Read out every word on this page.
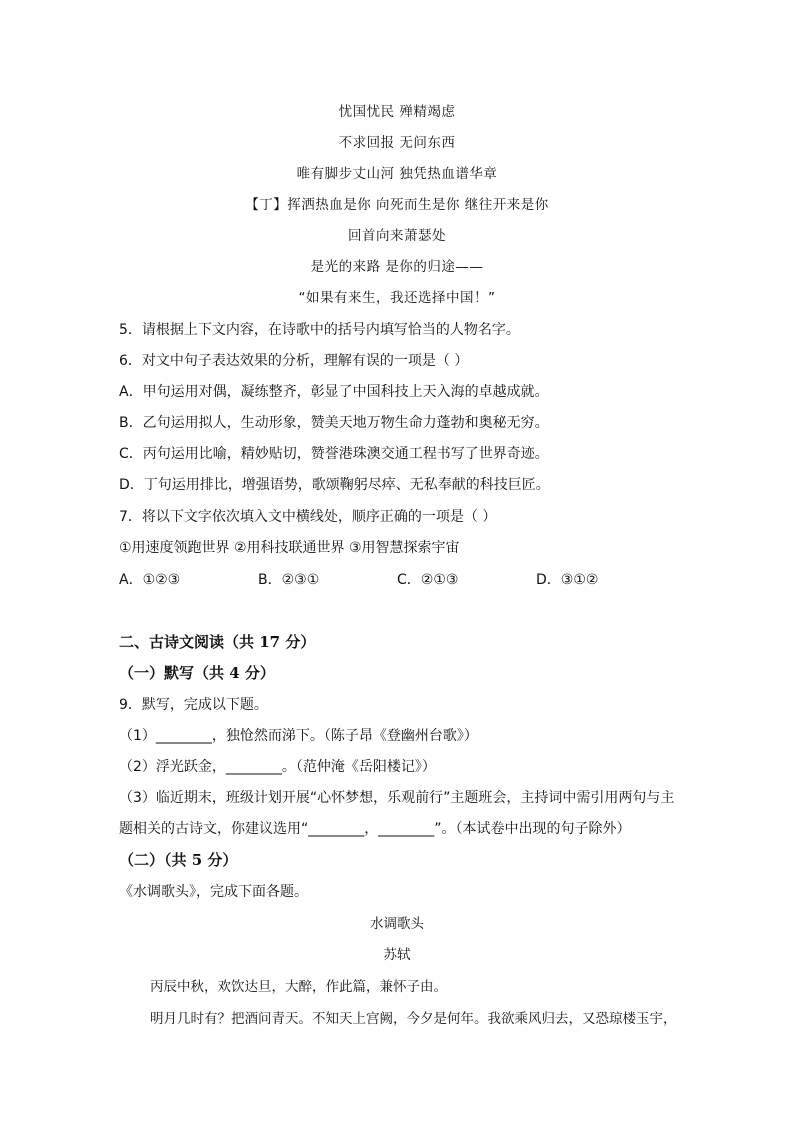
忧国忧民 殚精竭虑
不求回报 无问东西
唯有脚步丈山河 独凭热血谱华章
【丁】挥洒热血是你 向死而生是你 继往开来是你
回首向来萧瑟处
是光的来路 是你的归途——
“如果有来生，我还选择中国！”
5．请根据上下文内容，在诗歌中的括号内填写恰当的人物名字。
6．对文中句子表达效果的分析，理解有误的一项是（ ）
A．甲句运用对偶，凝练整齐，彰显了中国科技上天入海的卓越成就。
B．乙句运用拟人，生动形象，赞美天地万物生命力蓬勃和奥秘无穷。
C．丙句运用比喻，精妙贴切，赞誉港珠澳交通工程书写了世界奇迹。
D．丁句运用排比，增强语势，歌颂鞠躬尽瘁、无私奉献的科技巨匠。
7．将以下文字依次填入文中横线处，顺序正确的一项是（ ）
①用速度领跑世界 ②用科技联通世界 ③用智慧探索宇宙
A．①②③	B．②③①	C．②①③	D．③①②
二、古诗文阅读（共 17 分）
（一）默写（共 4 分）
9．默写，完成以下题。
（1）________，独怆然而涕下。（陈子昂《登幽州台歌》）
（2）浮光跃金，________。（范仲淹《岳阳楼记》）
（3）临近期末，班级计划开展“心怀梦想，乐观前行”主题班会，主持词中需引用两句与主
题相关的古诗文，你建议选用“________，________”。（本试卷中出现的句子除外）
（二）（共 5 分）
《水调歌头》，完成下面各题。
水调歌头
苏轼
丙辰中秋，欢饮达旦，大醉，作此篇，兼怀子由。
明月几时有？把酒问青天。不知天上宫阙，今夕是何年。我欲乘风归去，又恐琼楼玉宇，
